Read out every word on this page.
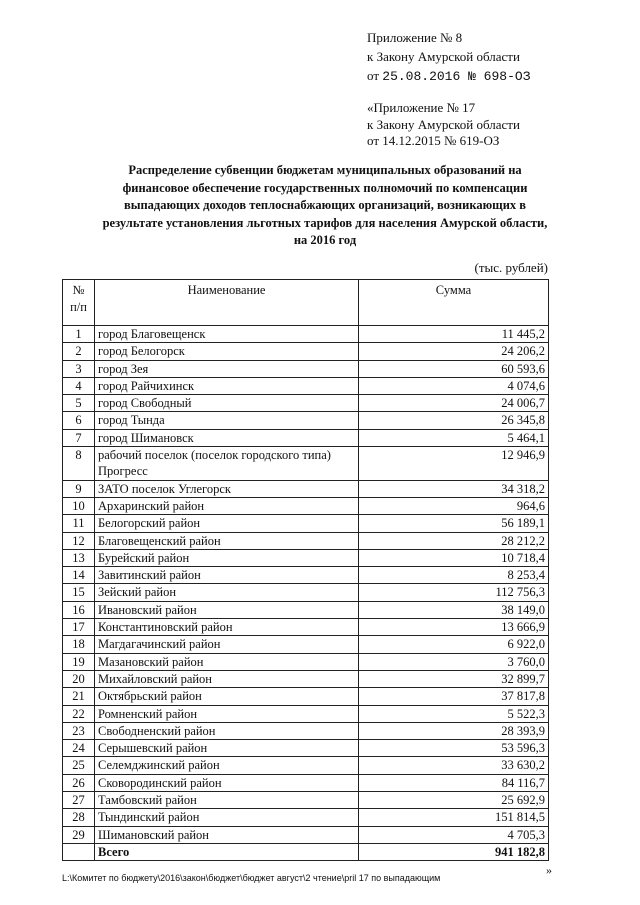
Приложение № 8
к Закону Амурской области
от 25.08.2016 № 698-ОЗ
«Приложение № 17
к Закону Амурской области
от 14.12.2015 № 619-ОЗ
Распределение субвенции бюджетам муниципальных образований на финансовое обеспечение государственных полномочий по компенсации выпадающих доходов теплоснабжающих организаций, возникающих в результате установления льготных тарифов для населения Амурской области, на 2016 год
(тыс. рублей)
№ п/п	Наименование	Сумма
1	город Благовещенск	11 445,2
2	город Белогорск	24 206,2
3	город Зея	60 593,6
4	город Райчихинск	4 074,6
5	город Свободный	24 006,7
6	город Тында	26 345,8
7	город Шимановск	5 464,1
8	рабочий поселок (поселок городского типа) Прогресс	12 946,9
9	ЗАТО поселок Углегорск	34 318,2
10	Архаринский район	964,6
11	Белогорский район	56 189,1
12	Благовещенский район	28 212,2
13	Бурейский район	10 718,4
14	Завитинский район	8 253,4
15	Зейский район	112 756,3
16	Ивановский район	38 149,0
17	Константиновский район	13 666,9
18	Магдагачинский район	6 922,0
19	Мазановский район	3 760,0
20	Михайловский район	32 899,7
21	Октябрьский район	37 817,8
22	Ромненский район	5 522,3
23	Свободненский район	28 393,9
24	Серышевский район	53 596,3
25	Селемджинский район	33 630,2
26	Сковородинский район	84 116,7
27	Тамбовский район	25 692,9
28	Тындинский район	151 814,5
29	Шимановский район	4 705,3
	Всего	941 182,8
»
L:\Комитет по бюджету\2016\закон\бюджет\бюджет август\2 чтение\pril 17 по выпадающим
